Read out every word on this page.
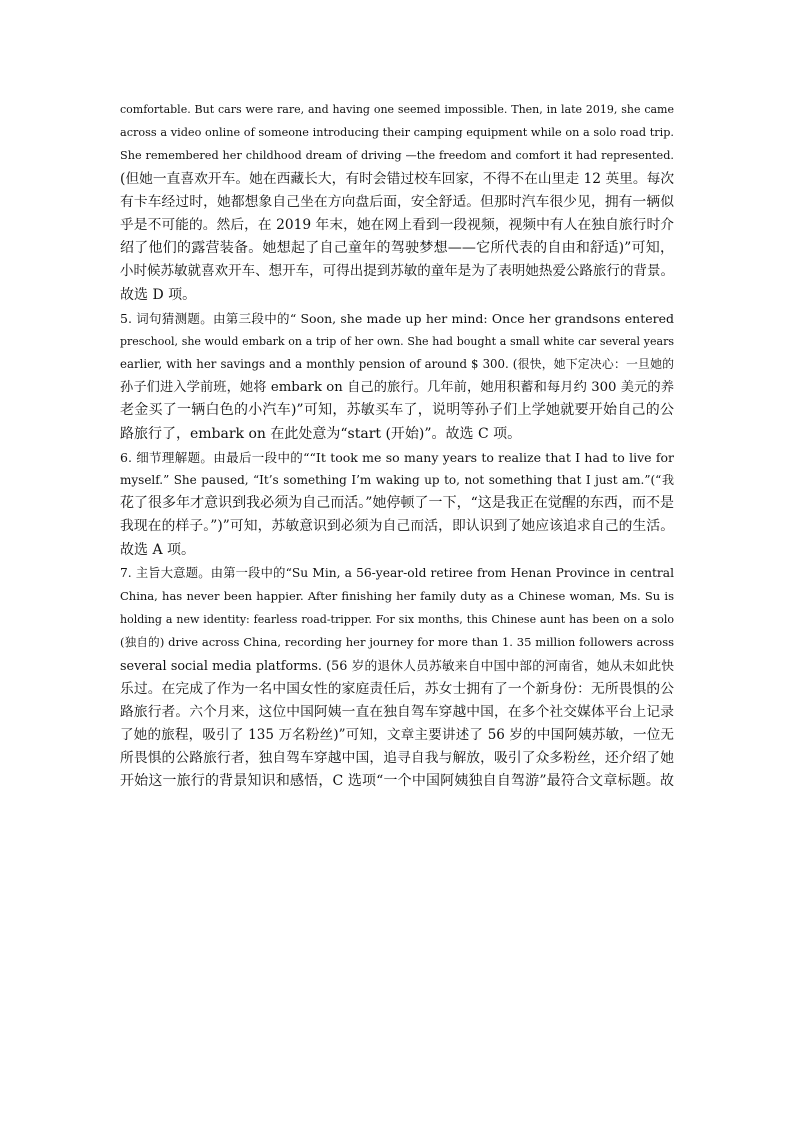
comfortable. But cars were rare, and having one seemed impossible. Then, in late 2019, she came
across a video online of someone introducing their camping equipment while on a solo road trip.
She remembered her childhood dream of driving —the freedom and comfort it had represented.
(但她一直喜欢开车。她在西藏长大，有时会错过校车回家，不得不在山里走 12 英里。每次
有卡车经过时，她都想象自己坐在方向盘后面，安全舒适。但那时汽车很少见，拥有一辆似
乎是不可能的。然后，在 2019 年末，她在网上看到一段视频，视频中有人在独自旅行时介
绍了他们的露营装备。她想起了自己童年的驾驶梦想——它所代表的自由和舒适)”可知，
小时候苏敏就喜欢开车、想开车，可得出提到苏敏的童年是为了表明她热爱公路旅行的背景。
故选 D 项。

5. 词句猜测题。由第三段中的“ Soon, she made up her mind: Once her grandsons entered
preschool, she would embark on a trip of her own. She had bought a small white car several years
earlier, with her savings and a monthly pension of around $ 300. (很快，她下定决心：一旦她的
孙子们进入学前班，她将 embark on 自己的旅行。几年前，她用积蓄和每月约 300 美元的养
老金买了一辆白色的小汽车)”可知，苏敏买车了，说明等孙子们上学她就要开始自己的公
路旅行了，embark on 在此处意为“start (开始)”。故选 C 项。

6. 细节理解题。由最后一段中的““It took me so many years to realize that I had to live for
myself.” She paused, “It’s something I’m waking up to, not something that I just am.”(“我
花了很多年才意识到我必须为自己而活。”她停顿了一下，“这是我正在觉醒的东西，而不是
我现在的样子。”)”可知，苏敏意识到必须为自己而活，即认识到了她应该追求自己的生活。
故选 A 项。

7. 主旨大意题。由第一段中的“Su Min, a 56-year-old retiree from Henan Province in central
China, has never been happier. After finishing her family duty as a Chinese woman, Ms. Su is
holding a new identity: fearless road-tripper. For six months, this Chinese aunt has been on a solo
(独自的) drive across China, recording her journey for more than 1. 35 million followers across
several social media platforms. (56 岁的退休人员苏敏来自中国中部的河南省，她从未如此快
乐过。在完成了作为一名中国女性的家庭责任后，苏女士拥有了一个新身份：无所畏惧的公
路旅行者。六个月来，这位中国阿姨一直在独自驾车穿越中国，在多个社交媒体平台上记录
了她的旅程，吸引了 135 万名粉丝)”可知，文章主要讲述了 56 岁的中国阿姨苏敏，一位无
所畏惧的公路旅行者，独自驾车穿越中国，追寻自我与解放，吸引了众多粉丝，还介绍了她
开始这一旅行的背景知识和感悟，C 选项“一个中国阿姨独自自驾游”最符合文章标题。故
